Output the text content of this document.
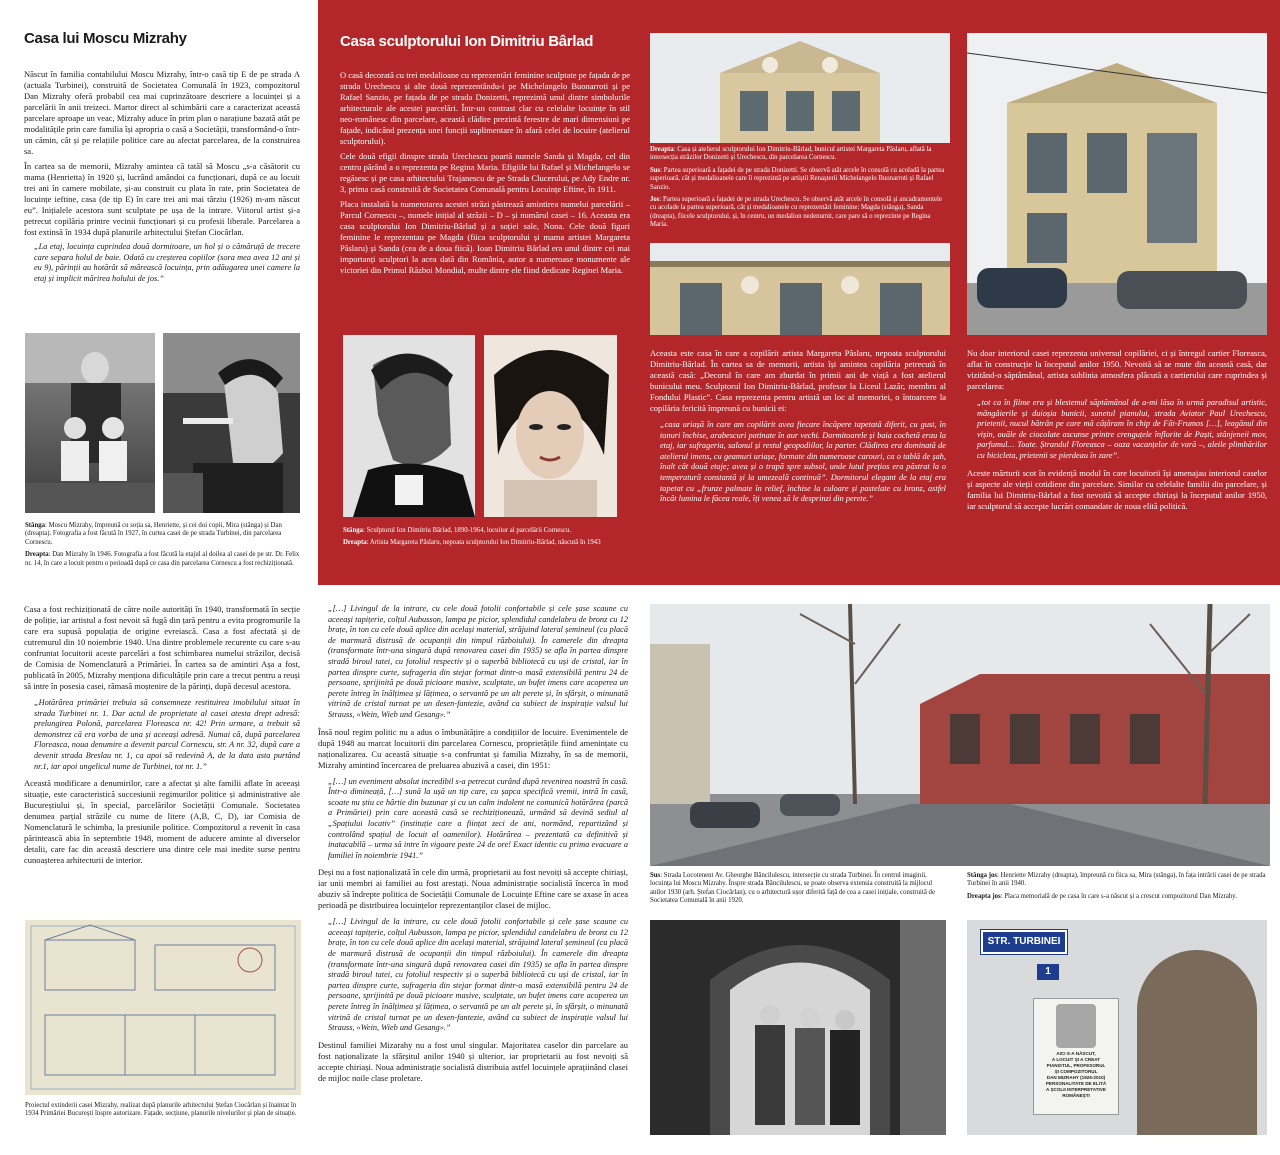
Casa lui Moscu Mizrahy

Născut în familia contabilului Moscu Mizrahy, într-o casă tip E de pe strada A (actuala Turbinei), construită de Societatea Comunală în 1923, compozitorul Dan Mizrahy oferă probabil cea mai cuprinzătoare descriere a locuinței și a parcelării în anii treizeci. Martor direct al schimbării care a caracterizat această parcelare aproape un veac, Mizrahy aduce în prim plan o narațiune bazată atât pe modalitățile prin care familia își apropria o casă a Societății, transformând-o într-un cămin, cât și pe relațiile politice care au afectat parcelarea, de la construirea sa.

În cartea sa de memorii, Mizrahy amintea că tatăl să Moscu „s-a căsătorit cu mama (Henrietta) în 1920 și, lucrând amândoi ca funcționari, după ce au locuit trei ani în camere mobilate, și-au construit cu plata în rate, prin Societatea de locuințe ieftine, casa (de tip E) în care trei ani mai târziu (1926) m-am născut eu”. Inițialele acestora sunt sculptate pe ușa de la intrare. Viitorul artist și-a petrecut copilăria printre vecinii funcționari și cu profesii liberale. Parcelarea a fost extinsă în 1934 după planurile arhitectului Ștefan Ciocârlan.

„La etaj, locuința cuprindea două dormitoare, un hol și o cămăruță de trecere care separa holul de baie. Odată cu creșterea copiilor (sora mea avea 12 ani și eu 9), părinții au hotărât să mărească locuința, prin adăugarea unei camere la etaj și implicit mărirea holului de jos.”

Stânga: Moscu Mizrahy, împreună cu soția sa, Henriette, și cei doi copii, Mira (stânga) și Dan (dreapta). Fotografia a fost făcută în 1927, în curtea casei de pe strada Turbinei, din parcelarea Cornescu.

Dreapta: Dan Mizrahy în 1946. Fotografia a fost făcută la etajul al doilea al casei de pe str. Dr. Felix nr. 14, în care a locuit pentru o perioadă după ce casa din parcelarea Cornescu a fost rechiziționată.

Casa sculptorului Ion Dimitriu Bârlad

O casă decorată cu trei medalioane cu reprezentări feminine sculptate pe fațada de pe strada Urechescu și alte două reprezentându-i pe Michelangelo Buonarroti și pe Rafael Sanzio, pe fațada de pe strada Donizetti, reprezintă unul dintre simbolurile arhitecturale ale acestei parcelări. Într-un contrast clar cu celelalte locuințe în stil neo-românesc din parcelare, această clădire prezintă ferestre de mari dimensiuni pe fațade, indicând prezența unei funcții suplimentare în afară celei de locuire (atelierul sculptorului).

Cele două efigii dinspre strada Urechescu poartă numele Sanda și Magda, cel din centru părând a o reprezenta pe Regina Maria. Efigiile lui Rafael și Michelangelo se regăsesc și pe casa arhitectului Trajanescu de pe Strada Clucerului, pe Ady Endre nr. 3, prima casă construită de Societatea Comunală pentru Locuințe Eftine, în 1911.

Placa instalată la numerotarea acestei străzi păstrează amintirea numelui parcelării – Parcul Cornescu –, numele inițial al străzii – D – și numărul casei – 16. Aceasta era casa sculptorului Ion Dimitriu-Bârlad și a soției sale, Nona. Cele două figuri feminine le reprezentau pe Magda (fiica sculptorului și mama artistei Margareta Pâslaru) și Sanda (cea de a doua fiică). Ioan Dimitriu Bârlad era unul dintre cei mai importanți sculptori la acea dată din România, autor a numeroase monumente ale victoriei din Primul Război Mondial, multe dintre ele fiind dedicate Reginei Maria.

Stânga: Sculptorul Ion Dimitriu Bârlad, 1890-1964, locuitor al parcelării Cornescu.

Dreapta: Artista Margareta Pâslaru, nepoata sculptorului Ion Dimitriu-Bârlad, născută în 1943

Dreapta: Casa și atelierul sculptorului Ion Dimitriu-Bârlad, bunicul artistei Margareta Pâslaru, aflată la intersecția străzilor Donizetti și Urechescu, din parcelarea Cornescu.

Sus: Partea superioară a fațadei de pe strada Donizetti. Se observă atât arcele în consolă cu acoladă la partea superioară, cât și medalioanele care îi reprezintă pe artiștii Renașterii Michelangelo Buonarroti și Rafael Sanzio.

Jos: Partea superioară a fațadei de pe strada Urechescu. Se observă atât arcele în consolă și ancadramentele cu acolade la partea superioară, cât și medalioanele cu reprezentări feminine: Magda (stânga), Sanda (dreapta), fiicele sculptorului, și, în centru, un medalion nedenumit, care pare să o reprezinte pe Regina Maria.

Aceasta este casa în care a copilărit artista Margareta Pâslaru, nepoata sculptorului Dimitriu-Bârlad. În cartea sa de memorii, artista își amintea copilăria petrecută în această casă: „Decorul în care am zburdat în primii ani de viață a fost atelierul bunicului meu. Sculptorul Ion Dimitriu-Bârlad, profesor la Liceul Lazăr, membru al Fondului Plastic”. Casa reprezenta pentru artistă un loc al memoriei, o întoarcere la copilăria fericită împreună cu bunicii ei:
„casa uriașă în care am copilărit avea fiecare încăpere tapetată diferit, cu gust, în tonuri închise, arabescuri patinate în aur vechi. Dormitoarele și baia cochetă erau la etaj, iar sufrageria, salonul și restul geopodiilor, la parter. Clădirea era dominată de atelierul imens, cu geamuri uriașe, formate din numeroase carouri, ca o tablă de șah, înalt cât două etaje; avea și o trapă spre subsol, unde lutul prețios era păstrat la o temperatură constantă și la umezeală continuă”. Dormitorul elegant de la etaj era tapetat cu „frunze palmate în relief, închise la culoare și pastelate cu bronz, astfel încât lumina le făcea reale, îți venea să le desprinzi din perete.”
Nu doar interiorul casei reprezenta universul copilăriei, ci și întregul cartier Floreasca, aflat în construcție la începutul anilor 1950. Nevoită să se mute din această casă, dar vizitând-o săptămânal, artista sublinia atmosfera plăcută a cartierului care cuprindea și parcelarea:
„tot ca în filme era și blestemul săptămânal de a-mi lăsa în urmă paradisul artistic, mângâierile și duioșia bunicii, sunetul pianului, strada Aviator Paul Urechescu, prietenii, nucul bătrân pe care mă cățăram în chip de Făt-Frumos […], leagănul din vișin, ouăle de ciocolate ascunse printre crenguțele înflorite de Paști, stânjeneii mov, parfumul… Toate. Ștrandul Floreasca – oaza vacanțelor de vară –, aleile plimbărilor cu bicicleta, prietenii se pierdeau în zare”.
Aceste mărturii scot în evidență modul în care locuitorii își amenajau interiorul caselor și aspecte ale vieții cotidiene din parcelare. Similar cu celelalte familii din parcelare, și familia lui Dimitriu-Bârlad a fost nevoită să accepte chiriași la începutul anilor 1950, iar sculptorul să accepte lucrări comandate de noua elită politică.
Casa a fost rechiziționată de către noile autorități în 1940, transformată în secție de poliție, iar artistul a fost nevoit să fugă din țară pentru a evita progromurile la care era supusă populația de origine evreiască. Casa a fost afectată și de cutremurul din 10 noiembrie 1940. Una dintre problemele recurente cu care s-au confruntat locuitorii aceste parcelări a fost schimbarea numelui străzilor, decisă de Comisia de Nomenclatură a Primăriei. În cartea sa de amintiri Așa a fost, publicată în 2005, Mizrahy menționa dificultățile prin care a trecut pentru a reuși să intre în posesia casei, rămasă moștenire de la părinți, după decesul acestora.
„Hotărârea primăriei trebuia să consemneze restituirea imobilului situat în strada Turbinei nr. 1. Dar actul de proprietate al casei atesta drept adresă: prelungirea Polonă, parcelarea Floreasca nr. 42! Prin urmare, a trebuit să demonstrez că era vorba de una și aceeași adresă. Numai că, după parcelarea Floreasca, noua denumire a devenit parcul Cornescu, str. A nr. 32, după care a devenit strada Breslau nr. 1, ca apoi să redevină A, de la data asta purtând nr.1, iar apoi ungelicul nume de Turbinei, tot nr. 1.”
Această modificare a denumirilor, care a afectat și alte familii aflate în aceeași situație, este caracteristică succesiunii regimurilor politice și administrative ale Bucureștiului și, în special, parcelărilor Societății Comunale. Societatea denumea parțial străzile cu nume de litere (A,B, C, D), iar Comisia de Nomenclatură le schimba, la presiunile politice. Compozitorul a revenit în casa părintească abia în septembrie 1948, moment de aducere aminte al diverselor detalii, care fac din această descriere una dintre cele mai inedite surse pentru cunoașterea arhitecturii de interior.
Proiectul extinderii casei Mizrahy, realizat după planurile arhitectului Ștefan Ciocârlan și înaintat în 1934 Primăriei București înspre autorizare. Fațade, secțiune, planurile nivelurilor și plan de situație.
„[…] Livingul de la intrare, cu cele două fotolii confortabile și cele șase scaune cu aceeași tapițerie, colțul Aubusson, lampa pe picior, splendidul candelabru de bronz cu 12 brațe, în ton cu cele două aplice din același material, străjuind lateral șemineul (cu placă de marmură distrusă de ocupanții din timpul războiului). În camerele din dreapta (transformate într-una singură după renovarea casei din 1935) se afla în partea dinspre stradă biroul tatei, cu fotoliul respectiv și o superbă bibliotecă cu uși de cristal, iar în partea dinspre curte, sufrageria din stejar format dintr-o masă extensibilă pentru 24 de persoane, sprijinită pe două picioare masive, sculptate, un bufet imens care acoperea un perete întreg în înălțimea și lățimea, o servantă pe un alt perete și, în sfârșit, o minunată vitrină de cristal turnat pe un desen-fantezie, având ca subiect de inspirație valsul lui Strauss, «Wein, Wieb und Gesang».”
Însă noul regim politic nu a adus o îmbunătățire a condițiilor de locuire. Evenimentele de după 1948 au marcat locuitorii din parcelarea Cornescu, proprietățile fiind amenințate cu naționalizarea. Cu această situație s-a confruntat și familia Mizrahy, în sa de memorii, Mizrahy amintind încercarea de preluarea abuzivă a casei, din 1951:
„[…] un eveniment absolut incredibil s-a petrecut curând după revenirea noastră în casă. Într-o dimineață, […] sună la ușă un tip care, cu șapca specifică vremii, intră în casă, scoate nu știu ce hârtie din buzunar și cu un calm indolent ne comunică hotărârea (parcă a Primăriei) prin care această casă se rechiziționează, urmând să devină sediul al „Spațiului locativ” (instituție care a ființat zeci de ani, normând, repartizând și controlând spațiul de locuit al oamenilor). Hotărârea – prezentată ca definitivă și inatacabilă – urma să intre în vigoare peste 24 de ore! Exact identic cu prima evacuare a familiei în noiembrie 1941.”
Deși nu a fost naționalizată în cele din urmă, proprietarii au fost nevoiți să accepte chiriași, iar unii membri ai familiei au fost arestați. Noua administrație socialistă încerca în mod abuziv să îndrepte politica de Societății Comunale de Locuințe Eftine care se axase în acea perioadă pe distribuirea locuințelor reprezentanților clasei de mijloc.
„[…] Livingul de la intrare, cu cele două fotolii confortabile și cele șase scaune cu aceeași tapițerie, colțul Aubusson, lampa pe picior, splendidul candelabru de bronz cu 12 brațe, în ton cu cele două aplice din același material, străjuind lateral șemineul (cu placă de marmură distrusă de ocupanții din timpul războiului). În camerele din dreapta (transformate într-una singură după renovarea casei din 1935) se afla în partea dinspre stradă biroul tatei, cu fotoliul respectiv și o superbă bibliotecă cu uși de cristal, iar în partea dinspre curte, sufrageria din stejar format dintr-o masă extensibilă pentru 24 de persoane, sprijinită pe două picioare masive, sculptate, un bufet imens care acoperea un perete întreg în înălțimea și lățimea, o servantă pe un alt perete și, în sfârșit, o minunată vitrină de cristal turnat pe un desen-fantezie, având ca subiect de inspirație valsul lui Strauss, «Wein, Wieb und Gesang».”
Destinul familiei Mizarahy nu a fost unul singular. Majoritatea caselor din parcelare au fost naționalizate la sfârșitul anilor 1940 și ulterior, iar proprietarii au fost nevoiți să accepte chiriași. Noua administrație socialistă distribuia astfel locuințele aprațiinând clasei de mijloc noile clase proletare.

Sus: Strada Locotenent Av. Gheorghe Băncilulescu, intersecție cu strada Turbinei. În centrul imaginii, locuința lui Moscu Mizrahy. Înspre strada Băncilulescu, se poate observa extensia construită la mijlocul anilor 1930 (arh. Ștefan Ciocârlan), cu o arhitectură ușor diferită față de cea a casei inițiale, construită de Societatea Comunală în anii 1920.

Stânga jos: Henriette Mizrahy (dreapta), împreună cu fiica sa, Mira (stânga), în fața intrării casei de pe strada Turbinei în anii 1940.

Dreapta jos: Placa memorială de pe casa în care s-a născut și a crescut compozitorul Dan Mizrahy.

STR. TURBINEI
1
AICI S-A NĂSCUT,
A LOCUIT ȘI A CREAT
PIANISTUL, PROFESORUL
ȘI COMPOZITORUL
DAN MIZRAHY (1926-2010)
PERSONALITATE DE ELITĂ
A ȘCOLII INTERPRETATIVE
ROMÂNEȘTI
